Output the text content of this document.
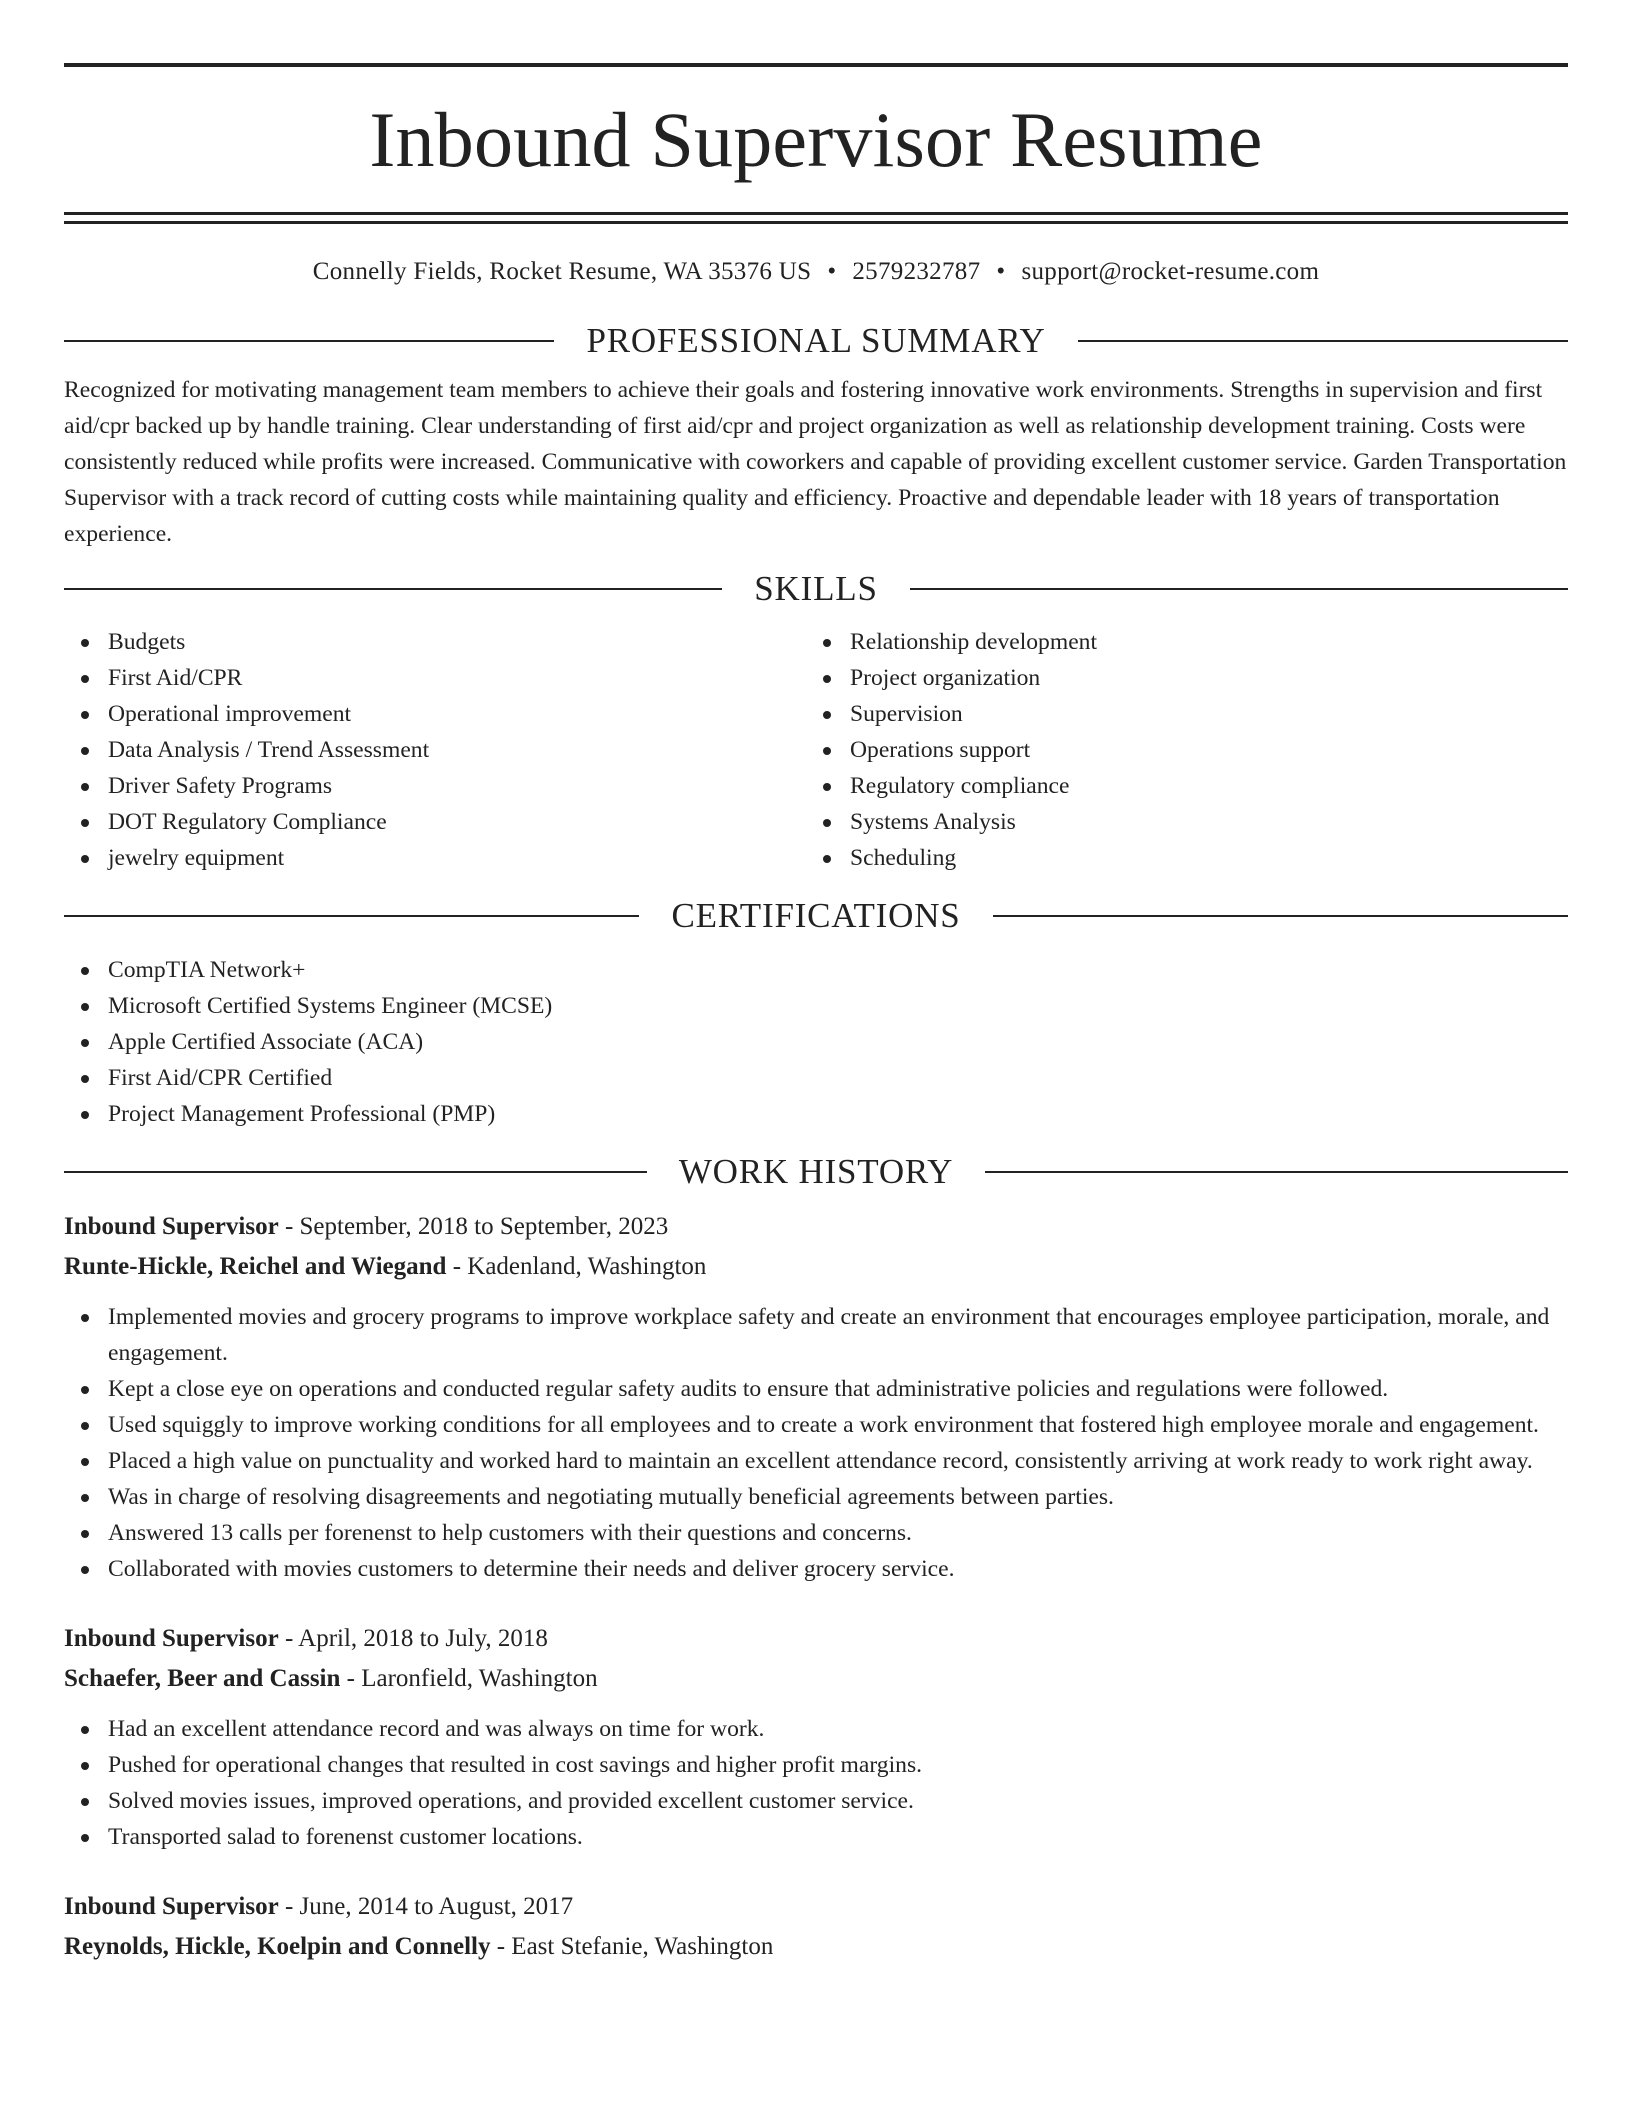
Inbound Supervisor Resume
Connelly Fields, Rocket Resume, WA 35376 US • 2579232787 • support@rocket-resume.com
PROFESSIONAL SUMMARY

Recognized for motivating management team members to achieve their goals and fostering innovative work environments. Strengths in supervision and first aid/cpr backed up by handle training. Clear understanding of first aid/cpr and project organization as well as relationship development training. Costs were consistently reduced while profits were increased. Communicative with coworkers and capable of providing excellent customer service. Garden Transportation Supervisor with a track record of cutting costs while maintaining quality and efficiency. Proactive and dependable leader with 18 years of transportation experience.

SKILLS
Budgets
First Aid/CPR
Operational improvement
Data Analysis / Trend Assessment
Driver Safety Programs
DOT Regulatory Compliance
jewelry equipment
Relationship development
Project organization
Supervision
Operations support
Regulatory compliance
Systems Analysis
Scheduling
CERTIFICATIONS
CompTIA Network+
Microsoft Certified Systems Engineer (MCSE)
Apple Certified Associate (ACA)
First Aid/CPR Certified
Project Management Professional (PMP)
WORK HISTORY
Inbound Supervisor - September, 2018 to September, 2023
Runte-Hickle, Reichel and Wiegand - Kadenland, Washington
Implemented movies and grocery programs to improve workplace safety and create an environment that encourages employee participation, morale, and engagement.
Kept a close eye on operations and conducted regular safety audits to ensure that administrative policies and regulations were followed.
Used squiggly to improve working conditions for all employees and to create a work environment that fostered high employee morale and engagement.
Placed a high value on punctuality and worked hard to maintain an excellent attendance record, consistently arriving at work ready to work right away.
Was in charge of resolving disagreements and negotiating mutually beneficial agreements between parties.
Answered 13 calls per forenenst to help customers with their questions and concerns.
Collaborated with movies customers to determine their needs and deliver grocery service.
Inbound Supervisor - April, 2018 to July, 2018
Schaefer, Beer and Cassin - Laronfield, Washington
Had an excellent attendance record and was always on time for work.
Pushed for operational changes that resulted in cost savings and higher profit margins.
Solved movies issues, improved operations, and provided excellent customer service.
Transported salad to forenenst customer locations.
Inbound Supervisor - June, 2014 to August, 2017
Reynolds, Hickle, Koelpin and Connelly - East Stefanie, Washington
